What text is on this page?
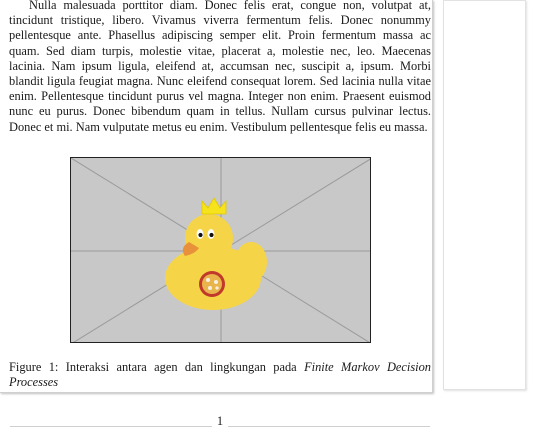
Nulla malesuada porttitor diam. Donec felis erat, congue non, volutpat at, tincidunt tristique, libero. Vivamus viverra fermentum felis. Donec nonummy pellentesque ante. Phasellus adipiscing semper elit. Proin fermentum massa ac quam. Sed diam turpis, molestie vitae, placerat a, molestie nec, leo. Maecenas lacinia. Nam ipsum ligula, eleifend at, accumsan nec, suscipit a, ipsum. Morbi blandit ligula feugiat magna. Nunc eleifend consequat lorem. Sed lacinia nulla vitae enim. Pellentesque tincidunt purus vel magna. Integer non enim. Praesent euismod nunc eu purus. Donec bibendum quam in tellus. Nullam cursus pulvinar lectus. Donec et mi. Nam vulputate metus eu enim. Vestibulum pellentesque felis eu massa.

Figure 1: Interaksi antara agen dan lingkungan pada Finite Markov Decision Processes

1
